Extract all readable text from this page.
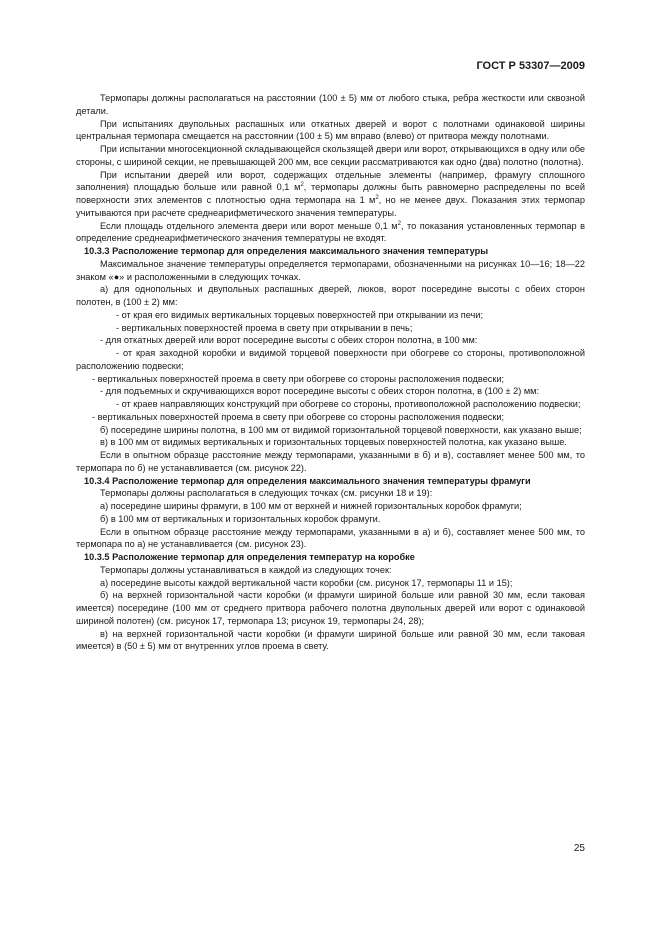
ГОСТ Р 53307—2009

Термопары должны располагаться на расстоянии (100 ± 5) мм от любого стыка, ребра жесткости или сквозной детали.

При испытаниях двупольных распашных или откатных дверей и ворот с полотнами одинаковой ширины центральная термопара смещается на расстоянии (100 ± 5) мм вправо (влево) от притвора между полотнами.

При испытании многосекционной складывающейся скользящей двери или ворот, открывающихся в одну или обе стороны, с шириной секции, не превышающей 200 мм, все секции рассматриваются как одно (два) полотно (полотна).

При испытании дверей или ворот, содержащих отдельные элементы (например, фрамугу сплошного заполнения) площадью больше или равной 0,1 $м^2$, термопары должны быть равномерно распределены по всей поверхности этих элементов с плотностью одна термопара на 1 $м^2$, но не менее двух. Показания этих термопар учитываются при расчете среднеарифметического значения температуры.

Если площадь отдельного элемента двери или ворот меньше 0,1 $м^2$, то показания установленных термопар в определение среднеарифметического значения температуры не входят.

10.3.3 Расположение термопар для определения максимального значения температуры

Максимальное значение температуры определяется термопарами, обозначенными на рисунках 10—16; 18—22 знаком «●» и расположенными в следующих точках.

а) для однопольных и двупольных распашных дверей, люков, ворот посередине высоты с обеих сторон полотен, в (100 ± 2) мм:

- от края его видимых вертикальных торцевых поверхностей при открывании из печи;

- вертикальных поверхностей проема в свету при открывании в печь;

- для откатных дверей или ворот посередине высоты с обеих сторон полотна, в 100 мм:

- от края заходной коробки и видимой торцевой поверхности при обогреве со стороны, противоположной расположению подвески;

- вертикальных поверхностей проема в свету при обогреве со стороны расположения подвески;

- для подъемных и скручивающихся ворот посередине высоты с обеих сторон полотна, в (100 ± 2) мм:

- от краев направляющих конструкций при обогреве со стороны, противоположной расположению подвески;

- вертикальных поверхностей проема в свету при обогреве со стороны расположения подвески;

б) посередине ширины полотна, в 100 мм от видимой горизонтальной торцевой поверхности, как указано выше;

в) в 100 мм от видимых вертикальных и горизонтальных торцевых поверхностей полотна, как указано выше.

Если в опытном образце расстояние между термопарами, указанными в б) и в), составляет менее 500 мм, то термопара по б) не устанавливается (см. рисунок 22).

10.3.4 Расположение термопар для определения максимального значения температуры фрамуги

Термопары должны располагаться в следующих точках (см. рисунки 18 и 19):

а) посередине ширины фрамуги, в 100 мм от верхней и нижней горизонтальных коробок фрамуги;

б) в 100 мм от вертикальных и горизонтальных коробок фрамуги.

Если в опытном образце расстояние между термопарами, указанными в а) и б), составляет менее 500 мм, то термопара по а) не устанавливается (см. рисунок 23).

10.3.5 Расположение термопар для определения температур на коробке

Термопары должны устанавливаться в каждой из следующих точек:

а) посередине высоты каждой вертикальной части коробки (см. рисунок 17, термопары 11 и 15);

б) на верхней горизонтальной части коробки (и фрамуги шириной больше или равной 30 мм, если таковая имеется) посередине (100 мм от среднего притвора рабочего полотна двупольных дверей или ворот с одинаковой шириной полотен) (см. рисунок 17, термопара 13; рисунок 19, термопары 24, 28);

в) на верхней горизонтальной части коробки (и фрамуги шириной больше или равной 30 мм, если таковая имеется) в (50 ± 5) мм от внутренних углов проема в свету.

25
